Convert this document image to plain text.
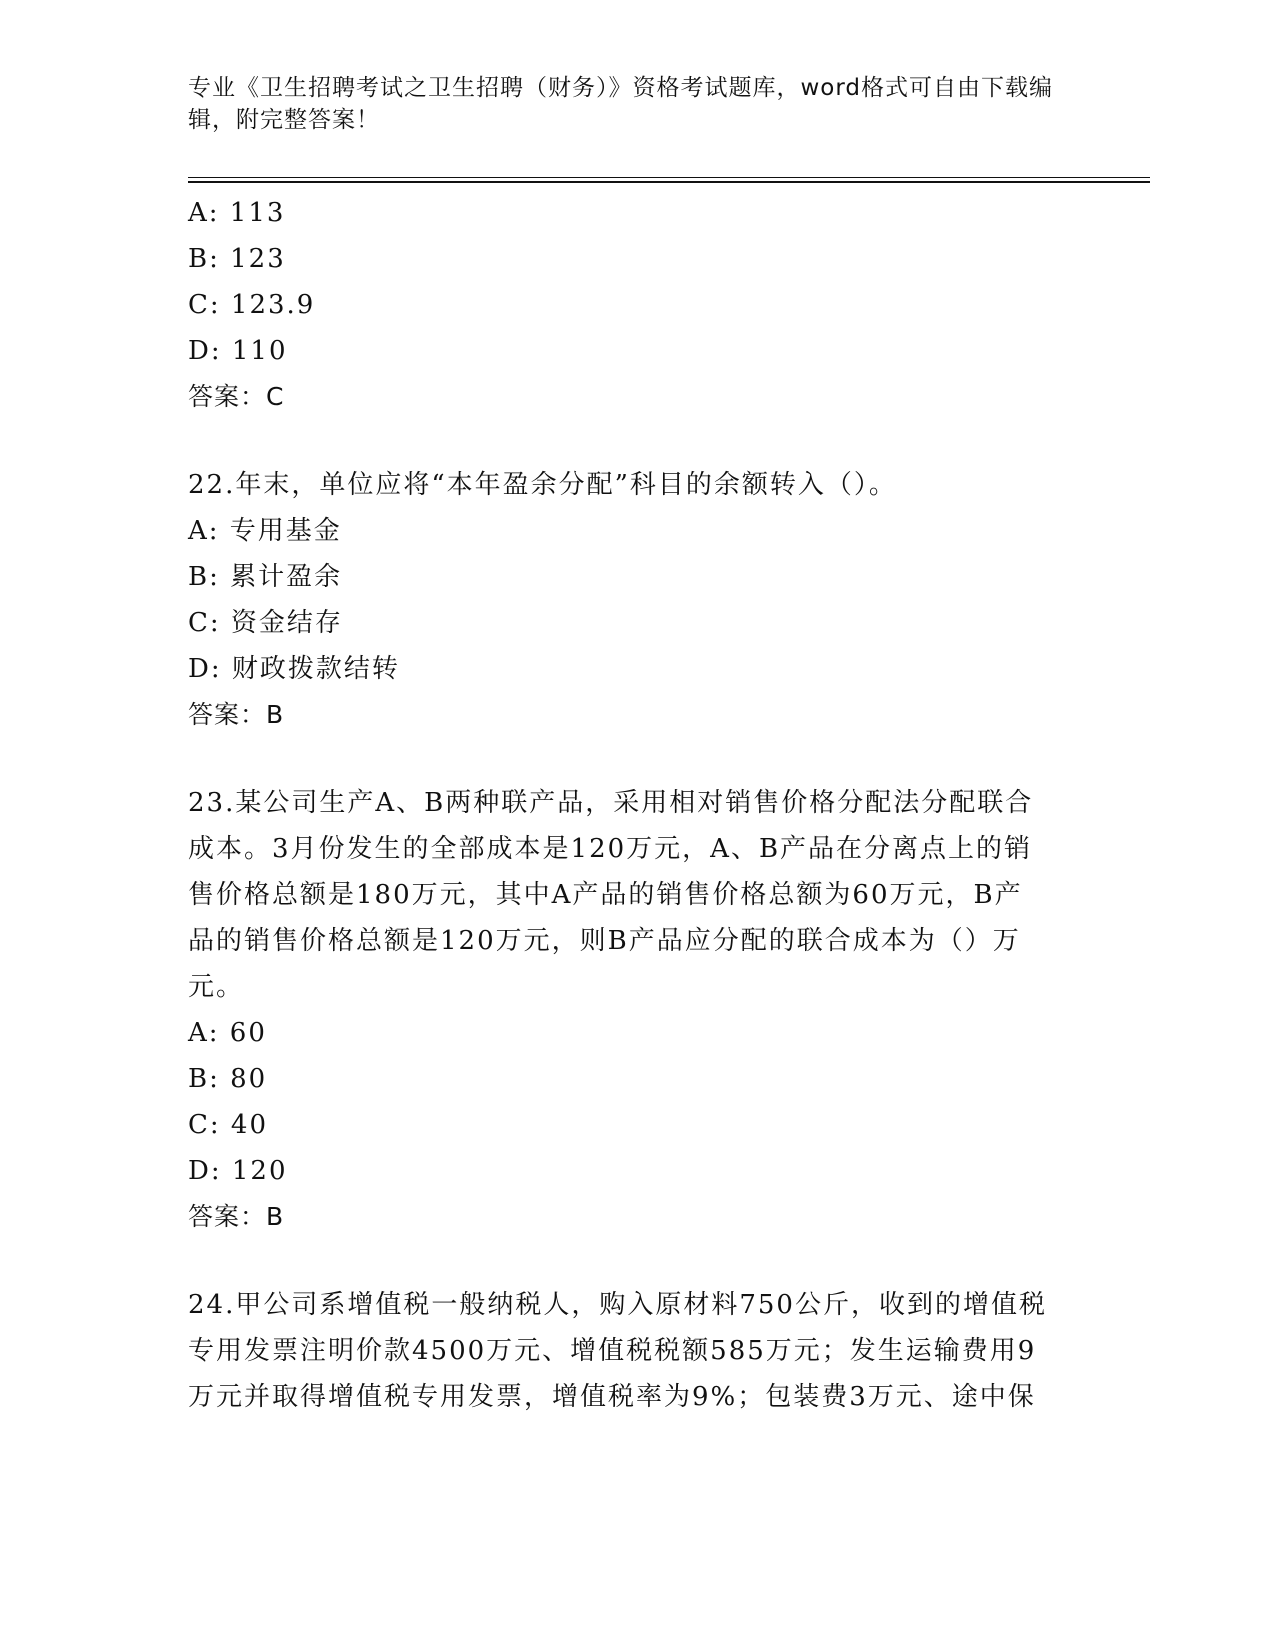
专业《卫生招聘考试之卫生招聘（财务）》资格考试题库，word格式可自由下载编辑，附完整答案！
A: 113
B: 123
C: 123.9
D: 110
答案：C
22.年末，单位应将“本年盈余分配”科目的余额转入（）。
A: 专用基金
B: 累计盈余
C: 资金结存
D: 财政拨款结转
答案：B
23.某公司生产A、B两种联产品，采用相对销售价格分配法分配联合
成本。3月份发生的全部成本是120万元，A、B产品在分离点上的销
售价格总额是180万元，其中A产品的销售价格总额为60万元，B产
品的销售价格总额是120万元，则B产品应分配的联合成本为（）万
元。
A: 60
B: 80
C: 40
D: 120
答案：B
24.甲公司系增值税一般纳税人，购入原材料750公斤，收到的增值税
专用发票注明价款4500万元、增值税税额585万元；发生运输费用9
万元并取得增值税专用发票，增值税率为9%；包装费3万元、途中保
